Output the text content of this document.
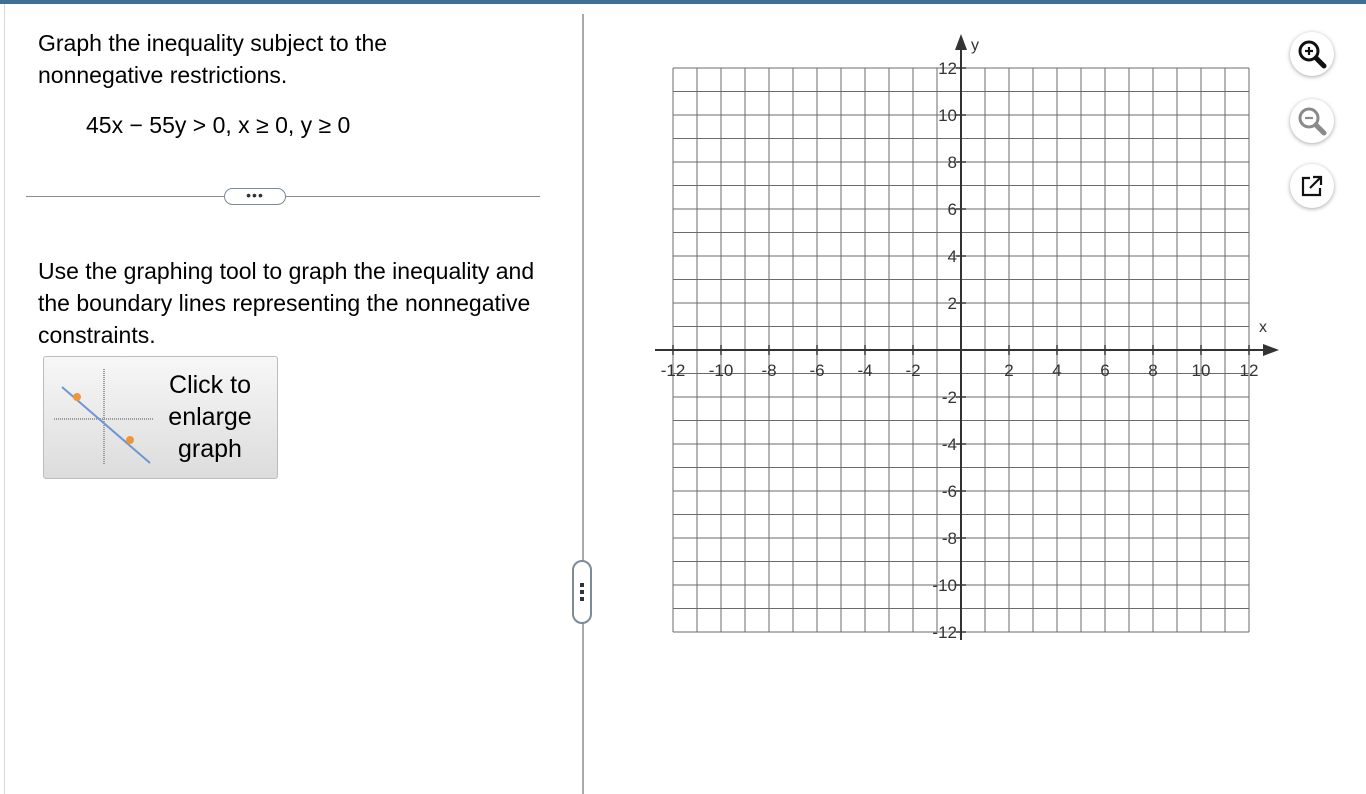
Graph the inequality subject to the nonnegative restrictions.
45x − 55y > 0, x ≥ 0, y ≥ 0
•••
Use the graphing tool to graph the inequality and the boundary lines representing the nonnegative constraints.
Click to enlarge graph
-12 -10 -8 -6 -4 -2	2 4 6 8 10 12
12
10
8
6
4
2
-2
-4
-6
-8
-10
-12
x
y
